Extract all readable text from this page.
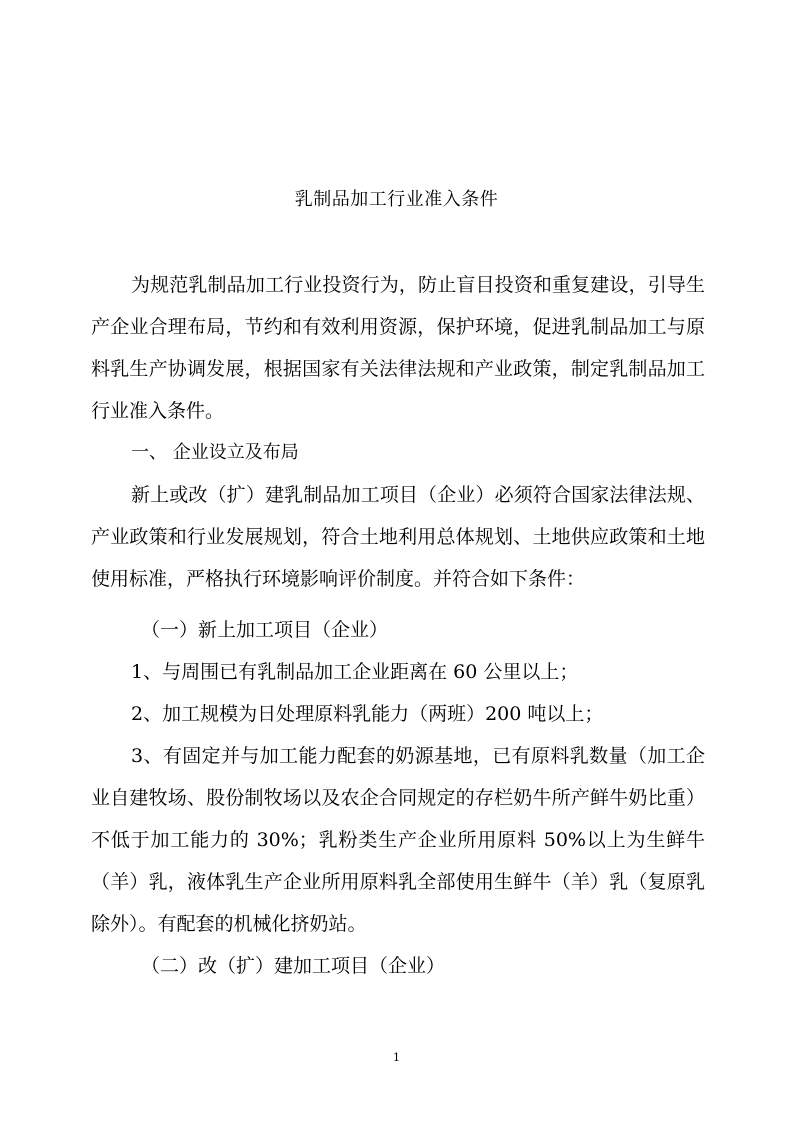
乳制品加工行业准入条件

为规范乳制品加工行业投资行为，防止盲目投资和重复建设，引导生产企业合理布局，节约和有效利用资源，保护环境，促进乳制品加工与原料乳生产协调发展，根据国家有关法律法规和产业政策，制定乳制品加工行业准入条件。

一、 企业设立及布局

新上或改（扩）建乳制品加工项目（企业）必须符合国家法律法规、产业政策和行业发展规划，符合土地利用总体规划、土地供应政策和土地使用标准，严格执行环境影响评价制度。并符合如下条件：

（一）新上加工项目（企业）

1、与周围已有乳制品加工企业距离在 60 公里以上；

2、加工规模为日处理原料乳能力（两班）200 吨以上；

3、有固定并与加工能力配套的奶源基地，已有原料乳数量（加工企业自建牧场、股份制牧场以及农企合同规定的存栏奶牛所产鲜牛奶比重）不低于加工能力的 30%；乳粉类生产企业所用原料 50%以上为生鲜牛（羊）乳，液体乳生产企业所用原料乳全部使用生鲜牛（羊）乳（复原乳除外）。有配套的机械化挤奶站。

（二）改（扩）建加工项目（企业）

1
